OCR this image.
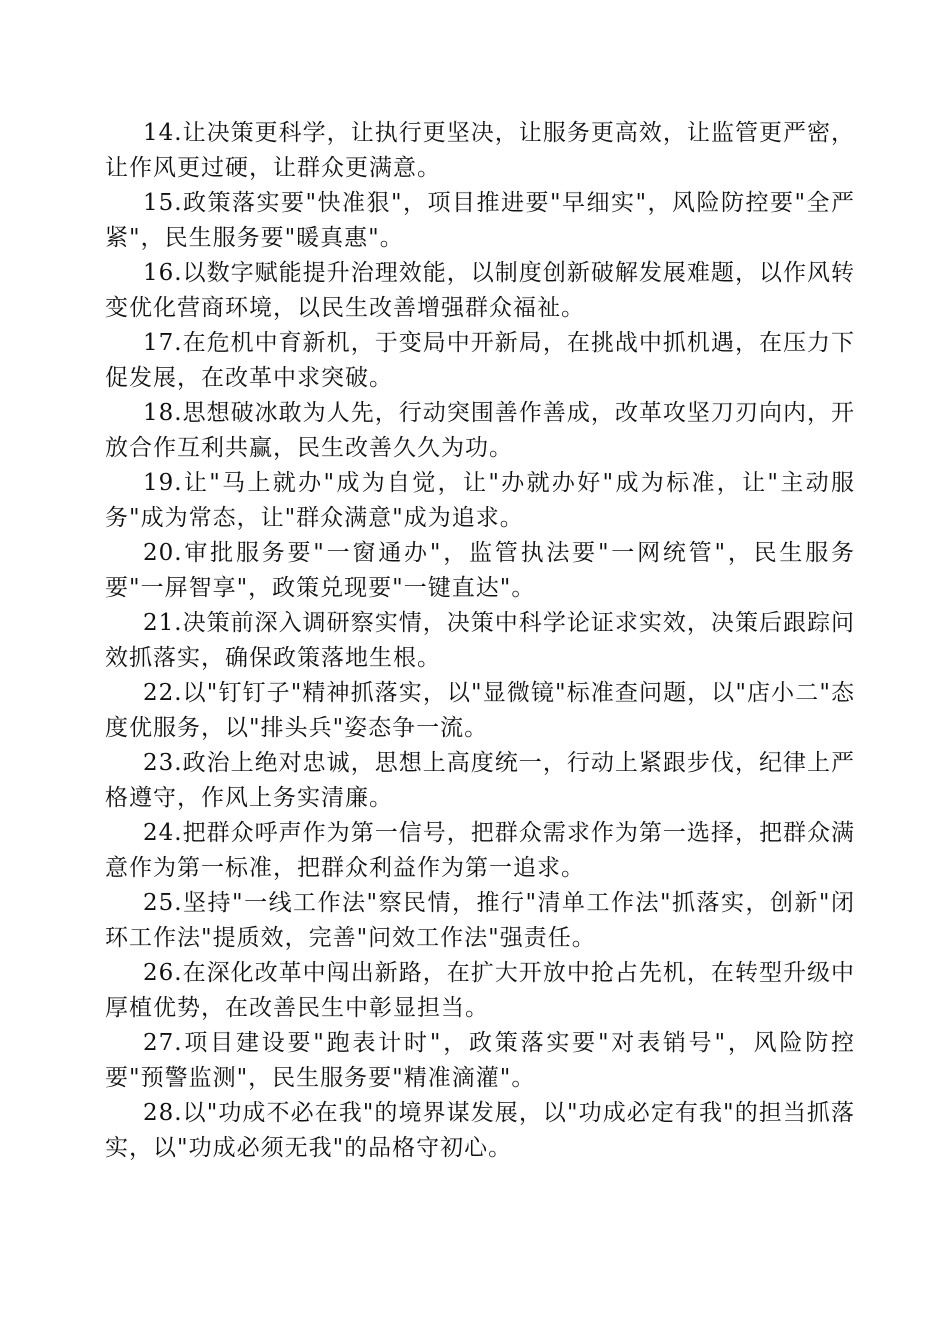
14.让决策更科学，让执行更坚决，让服务更高效，让监管更严密，让作风更过硬，让群众更满意。

15.政策落实要"快准狠"，项目推进要"早细实"，风险防控要"全严紧"，民生服务要"暖真惠"。

16.以数字赋能提升治理效能，以制度创新破解发展难题，以作风转变优化营商环境，以民生改善增强群众福祉。

17.在危机中育新机，于变局中开新局，在挑战中抓机遇，在压力下促发展，在改革中求突破。

18.思想破冰敢为人先，行动突围善作善成，改革攻坚刀刃向内，开放合作互利共赢，民生改善久久为功。

19.让"马上就办"成为自觉，让"办就办好"成为标准，让"主动服务"成为常态，让"群众满意"成为追求。

20.审批服务要"一窗通办"，监管执法要"一网统管"，民生服务要"一屏智享"，政策兑现要"一键直达"。

21.决策前深入调研察实情，决策中科学论证求实效，决策后跟踪问效抓落实，确保政策落地生根。

22.以"钉钉子"精神抓落实，以"显微镜"标准查问题，以"店小二"态度优服务，以"排头兵"姿态争一流。

23.政治上绝对忠诚，思想上高度统一，行动上紧跟步伐，纪律上严格遵守，作风上务实清廉。

24.把群众呼声作为第一信号，把群众需求作为第一选择，把群众满意作为第一标准，把群众利益作为第一追求。

25.坚持"一线工作法"察民情，推行"清单工作法"抓落实，创新"闭环工作法"提质效，完善"问效工作法"强责任。

26.在深化改革中闯出新路，在扩大开放中抢占先机，在转型升级中厚植优势，在改善民生中彰显担当。

27.项目建设要"跑表计时"，政策落实要"对表销号"，风险防控要"预警监测"，民生服务要"精准滴灌"。

28.以"功成不必在我"的境界谋发展，以"功成必定有我"的担当抓落实，以"功成必须无我"的品格守初心。
